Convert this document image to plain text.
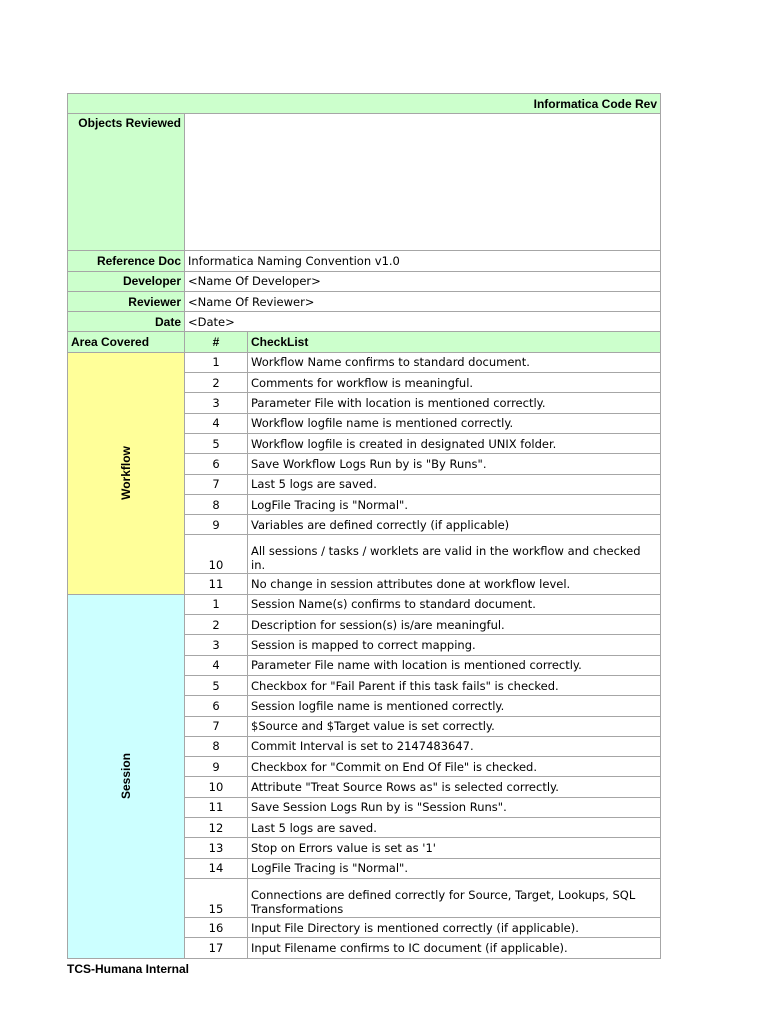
Informatica Code Rev		
Objects Reviewed		
Reference Doc	Informatica Naming Convention v1.0	
Developer	<Name Of Developer>	
Reviewer	<Name Of Reviewer>	
Date	<Date>	
Area Covered	#	CheckList
Workflow	1	Workflow Name confirms to standard document.
	2	Comments for workflow is meaningful.
	3	Parameter File with location is mentioned correctly.
	4	Workflow logfile name is mentioned correctly.
	5	Workflow logfile is created in designated UNIX folder.
	6	Save Workflow Logs Run by is "By Runs".
	7	Last 5 logs are saved.
	8	LogFile Tracing is "Normal".
	9	Variables are defined correctly (if applicable)
	10	All sessions / tasks / worklets are valid in the workflow and checked in.
	11	No change in session attributes done at workflow level.
Session	1	Session Name(s) confirms to standard document.
	2	Description for session(s) is/are meaningful.
	3	Session is mapped to correct mapping.
	4	Parameter File name with location is mentioned correctly.
	5	Checkbox for "Fail Parent if this task fails" is checked.
	6	Session logfile name is mentioned correctly.
	7	$Source and $Target value is set correctly.
	8	Commit Interval is set to 2147483647.
	9	Checkbox for "Commit on End Of File" is checked.
	10	Attribute "Treat Source Rows as" is selected correctly.
	11	Save Session Logs Run by is "Session Runs".
	12	Last 5 logs are saved.
	13	Stop on Errors value is set as '1'
	14	LogFile Tracing is "Normal".
	15	Connections are defined correctly for Source, Target, Lookups, SQL Transformations
	16	Input File Directory is mentioned correctly (if applicable).
	17	Input Filename confirms to IC document (if applicable).
TCS-Humana Internal
